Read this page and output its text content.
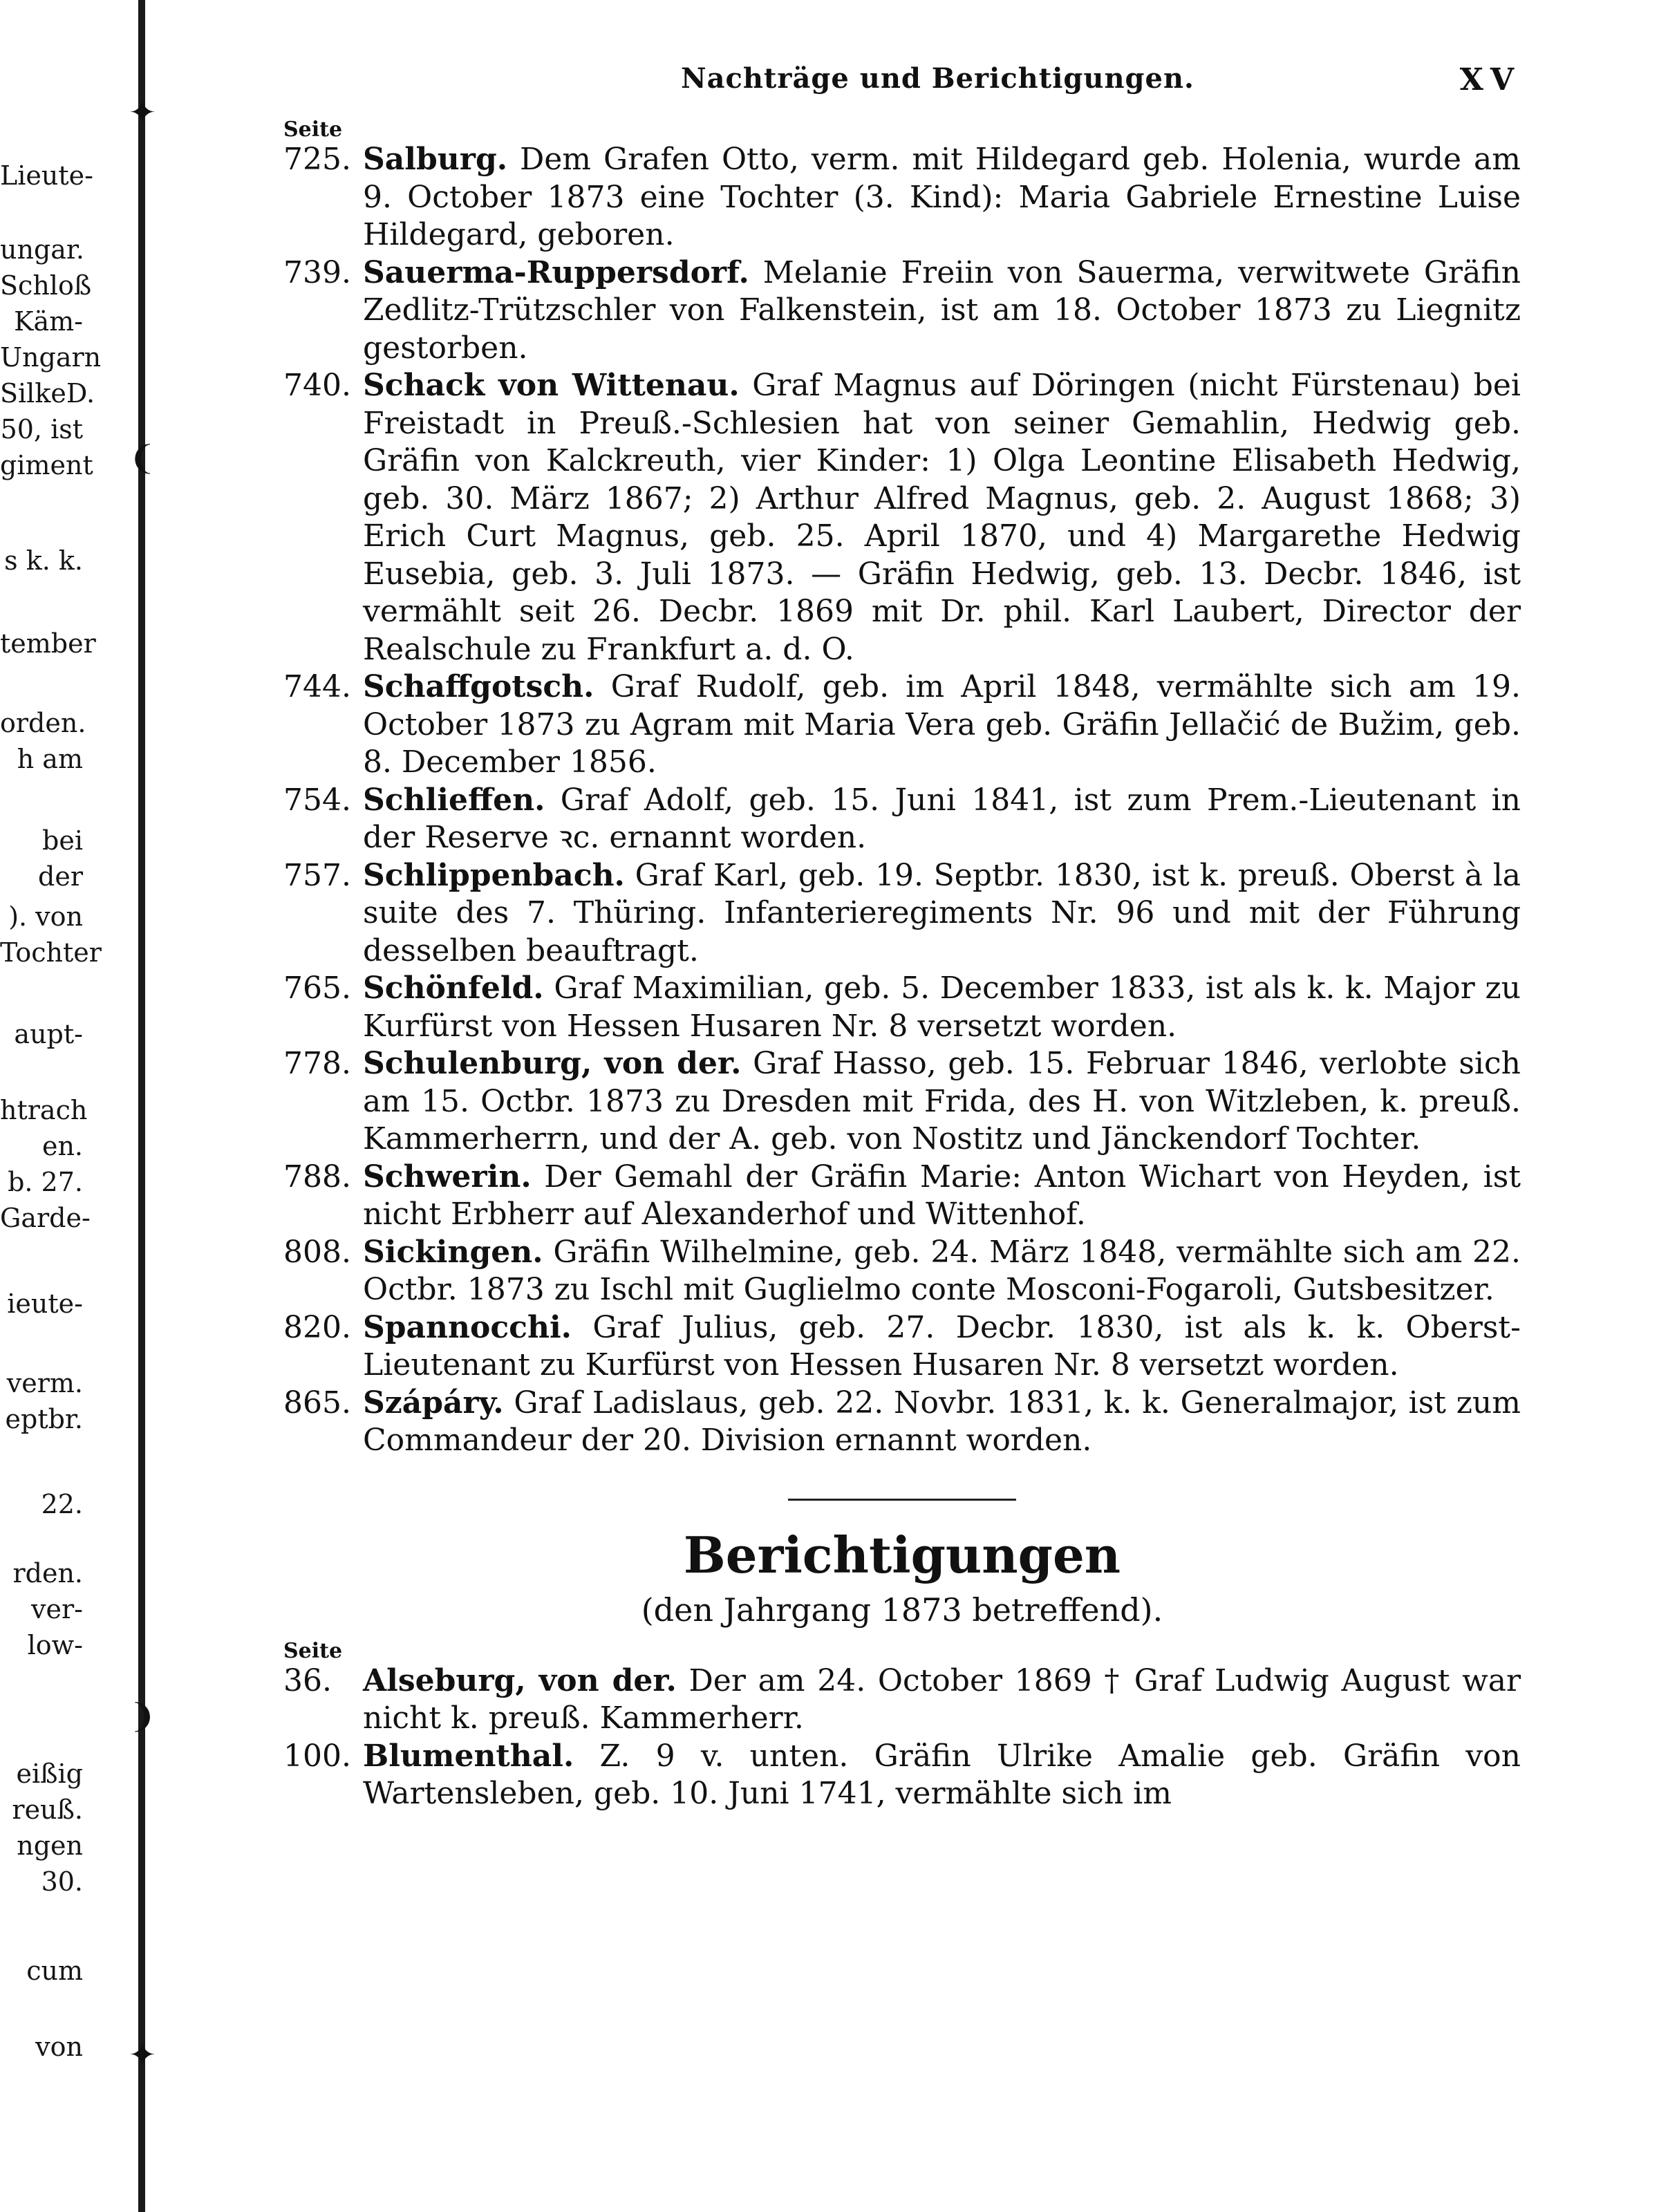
✦
❨
❩
✦
Lieute-
ungar.
Schloß
Käm-
Ungarn
SilkeD.
50, ist
giment
s k. k.
tember
orden.
h am
bei der
). von
Tochter
aupt-
htrach
en.
b. 27.
Garde-
ieute-
verm.
eptbr.
22.
rden.
ver-
low-
eißig
reuß.
ngen
30.
cum
von
Nachträge und Berichtigungen.	XV
Seite
725. Salburg. Dem Grafen Otto, verm. mit Hildegard geb. Holenia, wurde am 9. October 1873 eine Tochter (3. Kind): Maria Gabriele Ernestine Luise Hildegard, geboren.
739. Sauerma-Ruppersdorf. Melanie Freiin von Sauerma, verwitwete Gräfin Zedlitz-Trützschler von Falkenstein, ist am 18. October 1873 zu Liegnitz gestorben.
740. Schack von Wittenau. Graf Magnus auf Döringen (nicht Fürstenau) bei Freistadt in Preuß.-Schlesien hat von seiner Gemahlin, Hedwig geb. Gräfin von Kalckreuth, vier Kinder: 1) Olga Leontine Elisabeth Hedwig, geb. 30. März 1867; 2) Arthur Alfred Magnus, geb. 2. August 1868; 3) Erich Curt Magnus, geb. 25. April 1870, und 4) Margarethe Hedwig Eusebia, geb. 3. Juli 1873. — Gräfin Hedwig, geb. 13. Decbr. 1846, ist vermählt seit 26. Decbr. 1869 mit Dr. phil. Karl Laubert, Director der Realschule zu Frankfurt a. d. O.
744. Schaffgotsch. Graf Rudolf, geb. im April 1848, vermählte sich am 19. October 1873 zu Agram mit Maria Vera geb. Gräfin Jellačić de Bužim, geb. 8. December 1856.
754. Schlieffen. Graf Adolf, geb. 15. Juni 1841, ist zum Prem.-Lieutenant in der Reserve ꝛc. ernannt worden.
757. Schlippenbach. Graf Karl, geb. 19. Septbr. 1830, ist k. preuß. Oberst à la suite des 7. Thüring. Infanterieregiments Nr. 96 und mit der Führung desselben beauftragt.
765. Schönfeld. Graf Maximilian, geb. 5. December 1833, ist als k. k. Major zu Kurfürst von Hessen Husaren Nr. 8 versetzt worden.
778. Schulenburg, von der. Graf Hasso, geb. 15. Februar 1846, verlobte sich am 15. Octbr. 1873 zu Dresden mit Frida, des H. von Witzleben, k. preuß. Kammerherrn, und der A. geb. von Nostitz und Jänckendorf Tochter.
788. Schwerin. Der Gemahl der Gräfin Marie: Anton Wichart von Heyden, ist nicht Erbherr auf Alexanderhof und Wittenhof.
808. Sickingen. Gräfin Wilhelmine, geb. 24. März 1848, vermählte sich am 22. Octbr. 1873 zu Ischl mit Guglielmo conte Mosconi-Fogaroli, Gutsbesitzer.
820. Spannocchi. Graf Julius, geb. 27. Decbr. 1830, ist als k. k. Oberst-Lieutenant zu Kurfürst von Hessen Husaren Nr. 8 versetzt worden.
865. Szápáry. Graf Ladislaus, geb. 22. Novbr. 1831, k. k. Generalmajor, ist zum Commandeur der 20. Division ernannt worden.
Berichtigungen
(den Jahrgang 1873 betreffend).
Seite
36.	Alseburg, von der. Der am 24. October 1869 † Graf Ludwig August war nicht k. preuß. Kammerherr.
100. Blumenthal. Z. 9 v. unten. Gräfin Ulrike Amalie geb. Gräfin von Wartensleben, geb. 10. Juni 1741, vermählte sich im
